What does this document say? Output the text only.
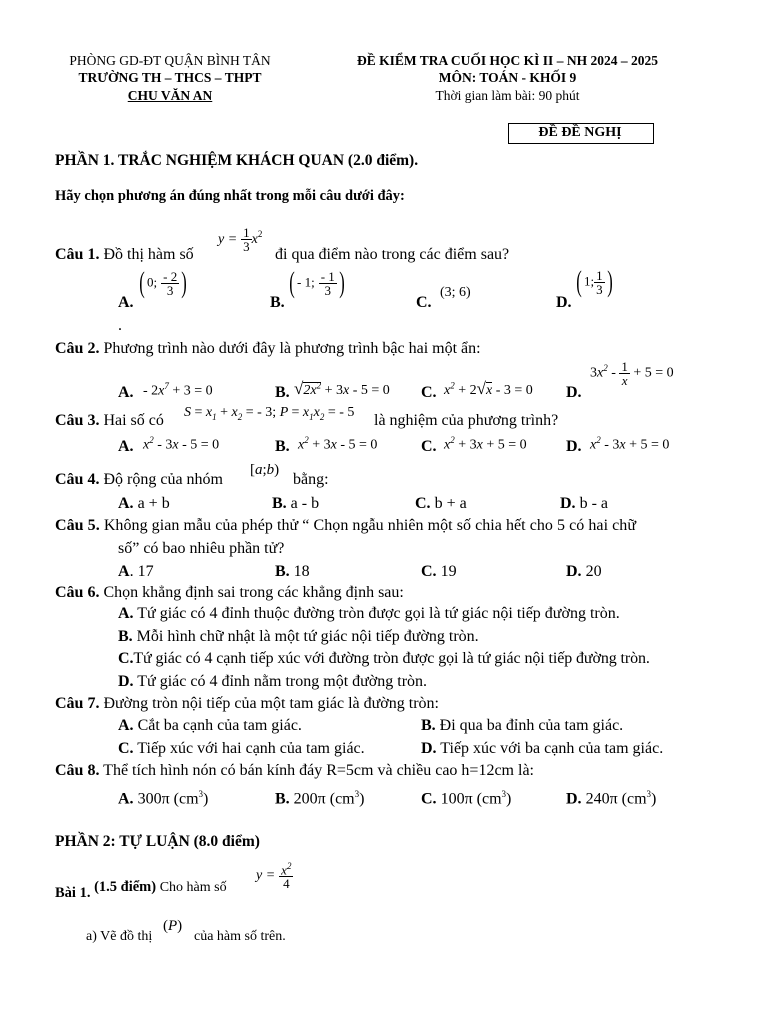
PHÒNG GD-ĐT QUẬN BÌNH TÂN
TRƯỜNG TH – THCS – THPT
CHU VĂN AN
ĐỀ KIỂM TRA CUỐI HỌC KÌ II – NH 2024 – 2025
MÔN: TOÁN - KHỐI 9
Thời gian làm bài: 90 phút
ĐỀ ĐỀ NGHỊ
PHẦN 1. TRẮC NGHIỆM KHÁCH QUAN (2.0 điểm).
Hãy chọn phương án đúng nhất trong mỗi câu dưới đây:
Câu 1. Đồ thị hàm số
$y = \frac{1}{3} x^2$
đi qua điểm nào trong các điểm sau?
A.
( 0; $\frac{- 2}{3}$ )
B.
( - 1; $\frac{- 1}{3}$ )
C.
(3; 6)
D.
( 1; $\frac{1}{3}$ )
.
Câu 2. Phương trình nào dưới đây là phương trình bậc hai một ẩn:
A. - $2x^7 + 3 = 0$	B. $√2x^2 + 3x - 5 = 0$ C. $x^2 + 2√x - 3 = 0$ D.
$3x^2 - \frac{1}{x} + 5 = 0$
Câu 3. Hai số có $S = x_1 + x_2$ = - 3; $P = x_1x_2$ = - 5 là nghiệm của phương trình?
A. $x^2 - 3x - 5 = 0$	B. $x^2 + 3x - 5 = 0$	C. $x^2 + 3x + 5 = 0$ D. $x^2 - 3x + 5 = 0$
Câu 4. Độ rộng của nhóm
[a;b)
bằng:
A. a + b	B. a - b	C. b + a	D. b - a
Câu 5. Không gian mẫu của phép thử “ Chọn ngẫu nhiên một số chia hết cho 5 có hai chữ
số” có bao nhiêu phần tử?
A. 17	B. 18	C. 19	D. 20
Câu 6. Chọn khẳng định sai trong các khẳng định sau:
A. Tứ giác có 4 đỉnh thuộc đường tròn được gọi là tứ giác nội tiếp đường tròn.
B. Mỗi hình chữ nhật là một tứ giác nội tiếp đường tròn.
C.Tứ giác có 4 cạnh tiếp xúc với đường tròn được gọi là tứ giác nội tiếp đường tròn.
D. Tứ giác có 4 đỉnh nằm trong một đường tròn.
Câu 7. Đường tròn nội tiếp của một tam giác là đường tròn:
A. Cắt ba cạnh của tam giác.	B. Đi qua ba đỉnh của tam giác.
C. Tiếp xúc với hai cạnh của tam giác.	D. Tiếp xúc với ba cạnh của tam giác.
Câu 8. Thể tích hình nón có bán kính đáy R=5cm và chiều cao h=12cm là:
A. 300π $(cm^3)$	B. 200π $(cm^3)$	C. 100π $(cm^3)$	D. 240π $(cm^3)$
PHẦN 2: TỰ LUẬN (8.0 điểm)
Bài 1. (1.5 điểm) Cho hàm số
$y = \frac{x^2}{4}$
a) Vẽ đồ thị
(P)
của hàm số trên.
